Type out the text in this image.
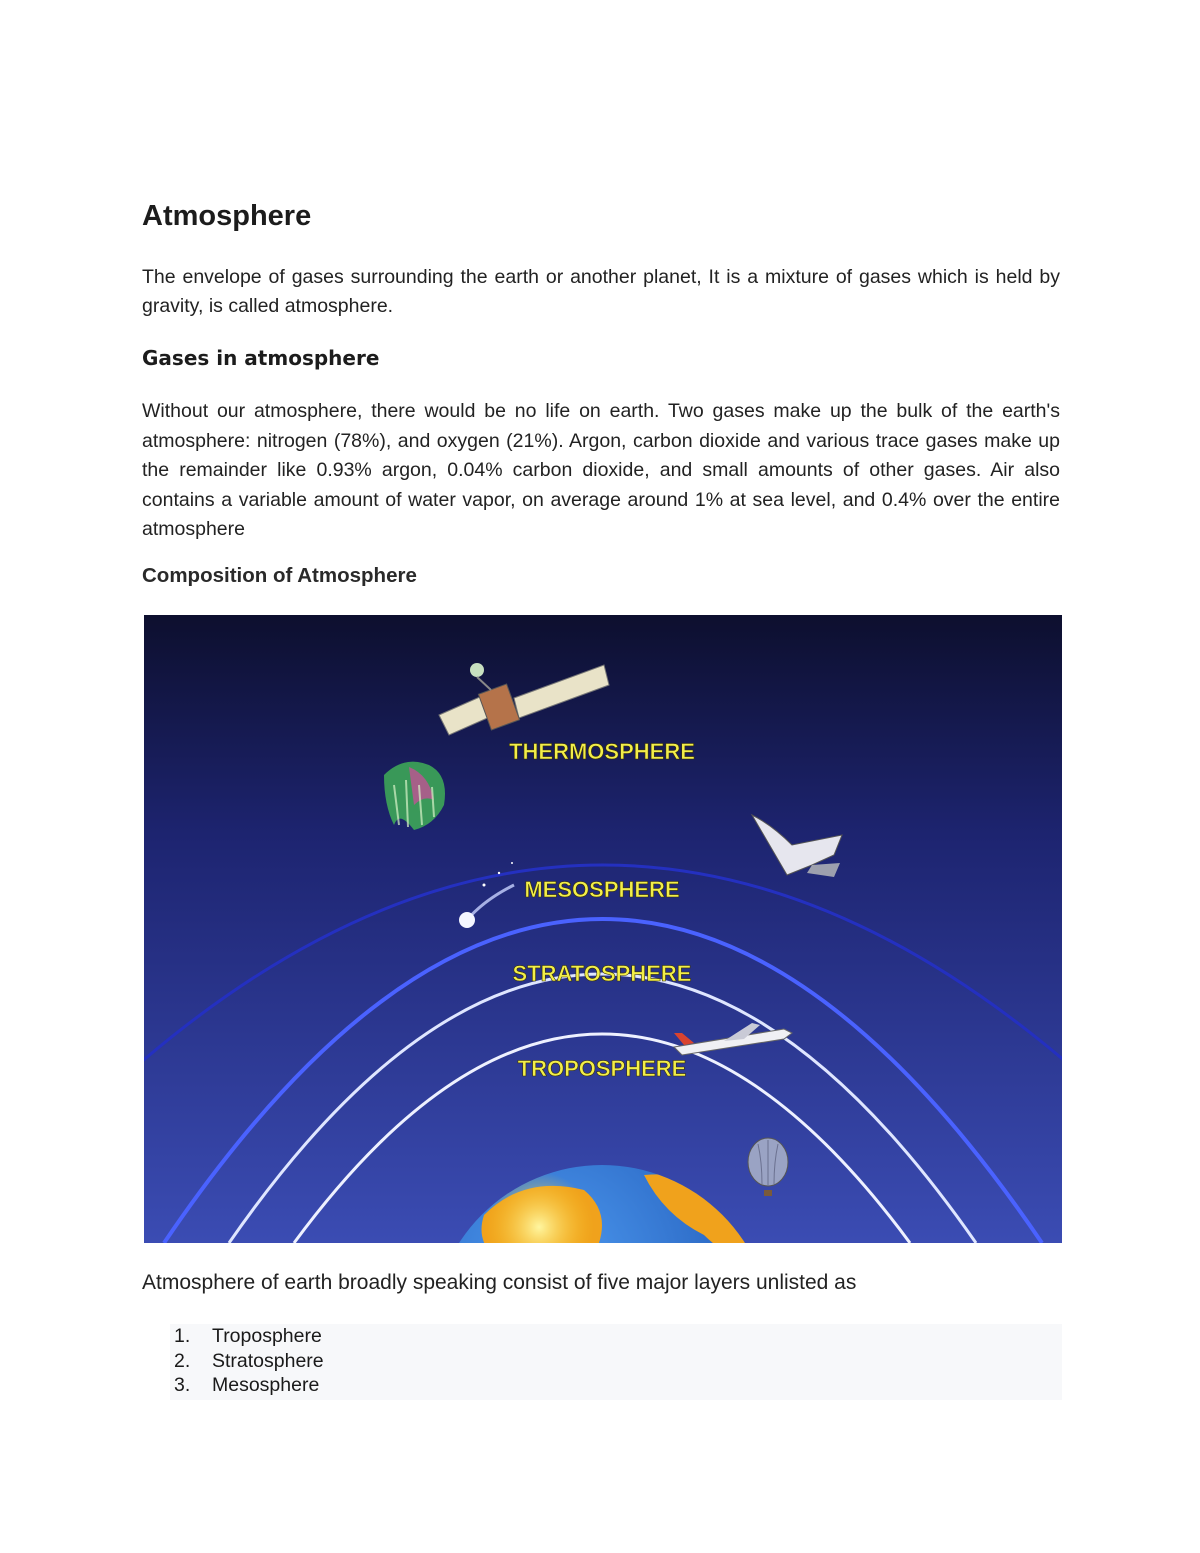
Atmosphere

The envelope of gases surrounding the earth or another planet, It is a mixture of gases which is held by gravity, is called atmosphere.

Gases in atmosphere

Without our atmosphere, there would be no life on earth. Two gases make up the bulk of the earth's atmosphere: nitrogen (78%), and oxygen (21%). Argon, carbon dioxide and various trace gases make up the remainder like 0.93% argon, 0.04% carbon dioxide, and small amounts of other gases. Air also contains a variable amount of water vapor, on average around 1% at sea level, and 0.4% over the entire atmosphere

Composition of Atmosphere
THERMOSPHERE
MESOSPHERE
STRATOSPHERE
TROPOSPHERE

Atmosphere of earth broadly speaking consist of five major layers unlisted as

1.	Troposphere
2.	Stratosphere
3.	Mesosphere
